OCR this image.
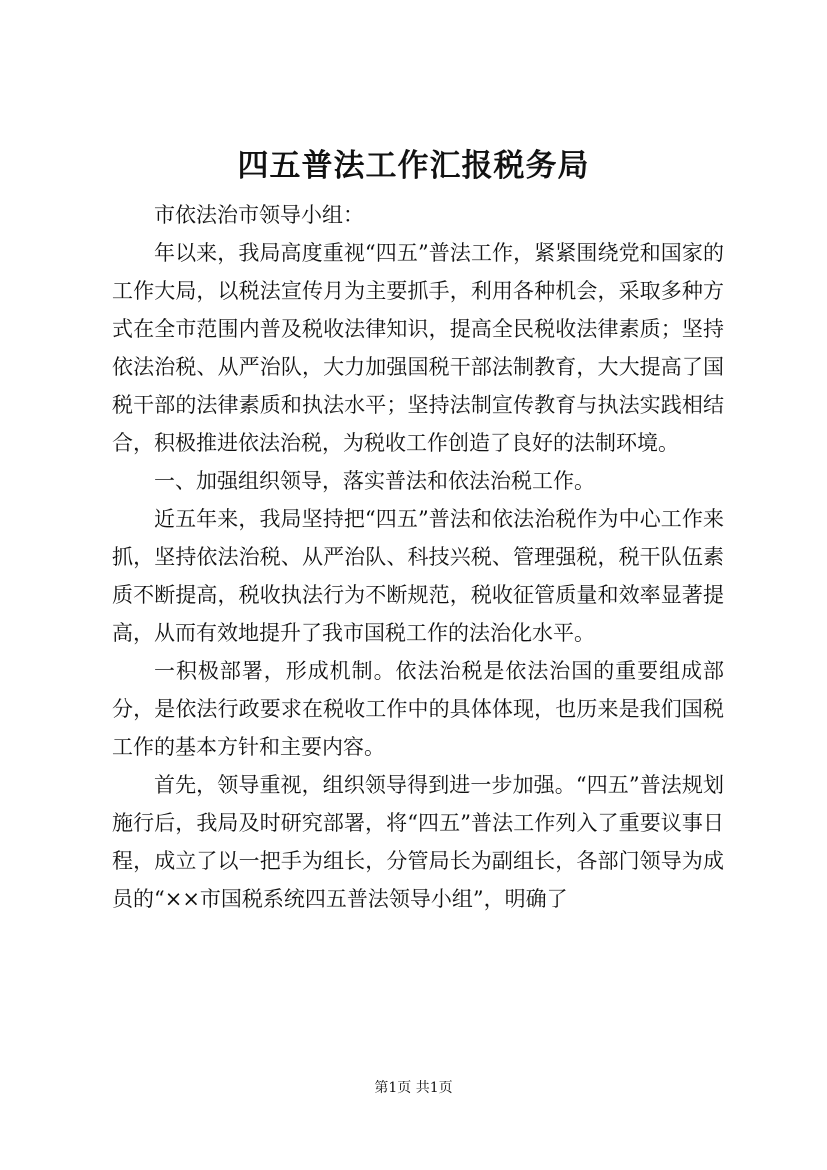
四五普法工作汇报税务局

市依法治市领导小组：

年以来，我局高度重视“四五”普法工作，紧紧围绕党和国家的工作大局，以税法宣传月为主要抓手，利用各种机会，采取多种方式在全市范围内普及税收法律知识，提高全民税收法律素质；坚持依法治税、从严治队，大力加强国税干部法制教育，大大提高了国税干部的法律素质和执法水平；坚持法制宣传教育与执法实践相结合，积极推进依法治税，为税收工作创造了良好的法制环境。

一、加强组织领导，落实普法和依法治税工作。

近五年来，我局坚持把“四五”普法和依法治税作为中心工作来抓，坚持依法治税、从严治队、科技兴税、管理强税，税干队伍素质不断提高，税收执法行为不断规范，税收征管质量和效率显著提高，从而有效地提升了我市国税工作的法治化水平。

一积极部署，形成机制。依法治税是依法治国的重要组成部分，是依法行政要求在税收工作中的具体体现，也历来是我们国税工作的基本方针和主要内容。

首先，领导重视，组织领导得到进一步加强。“四五”普法规划施行后，我局及时研究部署，将“四五”普法工作列入了重要议事日程，成立了以一把手为组长，分管局长为副组长，各部门领导为成员的“××市国税系统四五普法领导小组”，明确了

第1页 共1页
